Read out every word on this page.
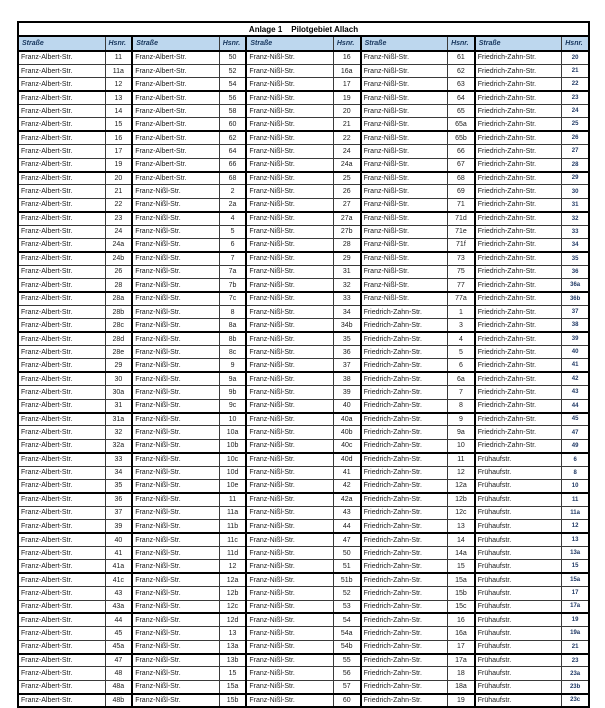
Anlage 1 Pilotgebiet Allach									
Straße	Hsnr.	Straße	Hsnr.	Straße	Hsnr.	Straße	Hsnr.	Straße	Hsnr.
Franz-Albert-Str.	11	Franz-Albert-Str.	50	Franz-Nißl-Str.	16	Franz-Nißl-Str.	61	Friedrich-Zahn-Str.	20
Franz-Albert-Str.	11a	Franz-Albert-Str.	52	Franz-Nißl-Str.	16a	Franz-Nißl-Str.	62	Friedrich-Zahn-Str.	21
Franz-Albert-Str.	12	Franz-Albert-Str.	54	Franz-Nißl-Str.	17	Franz-Nißl-Str.	63	Friedrich-Zahn-Str.	22
Franz-Albert-Str.	13	Franz-Albert-Str.	56	Franz-Nißl-Str.	19	Franz-Nißl-Str.	64	Friedrich-Zahn-Str.	23
Franz-Albert-Str.	14	Franz-Albert-Str.	58	Franz-Nißl-Str.	20	Franz-Nißl-Str.	65	Friedrich-Zahn-Str.	24
Franz-Albert-Str.	15	Franz-Albert-Str.	60	Franz-Nißl-Str.	21	Franz-Nißl-Str.	65a	Friedrich-Zahn-Str.	25
Franz-Albert-Str.	16	Franz-Albert-Str.	62	Franz-Nißl-Str.	22	Franz-Nißl-Str.	65b	Friedrich-Zahn-Str.	26
Franz-Albert-Str.	17	Franz-Albert-Str.	64	Franz-Nißl-Str.	24	Franz-Nißl-Str.	66	Friedrich-Zahn-Str.	27
Franz-Albert-Str.	19	Franz-Albert-Str.	66	Franz-Nißl-Str.	24a	Franz-Nißl-Str.	67	Friedrich-Zahn-Str.	28
Franz-Albert-Str.	20	Franz-Albert-Str.	68	Franz-Nißl-Str.	25	Franz-Nißl-Str.	68	Friedrich-Zahn-Str.	29
Franz-Albert-Str.	21	Franz-Nißl-Str.	2	Franz-Nißl-Str.	26	Franz-Nißl-Str.	69	Friedrich-Zahn-Str.	30
Franz-Albert-Str.	22	Franz-Nißl-Str.	2a	Franz-Nißl-Str.	27	Franz-Nißl-Str.	71	Friedrich-Zahn-Str.	31
Franz-Albert-Str.	23	Franz-Nißl-Str.	4	Franz-Nißl-Str.	27a	Franz-Nißl-Str.	71d	Friedrich-Zahn-Str.	32
Franz-Albert-Str.	24	Franz-Nißl-Str.	5	Franz-Nißl-Str.	27b	Franz-Nißl-Str.	71e	Friedrich-Zahn-Str.	33
Franz-Albert-Str.	24a	Franz-Nißl-Str.	6	Franz-Nißl-Str.	28	Franz-Nißl-Str.	71f	Friedrich-Zahn-Str.	34
Franz-Albert-Str.	24b	Franz-Nißl-Str.	7	Franz-Nißl-Str.	29	Franz-Nißl-Str.	73	Friedrich-Zahn-Str.	35
Franz-Albert-Str.	26	Franz-Nißl-Str.	7a	Franz-Nißl-Str.	31	Franz-Nißl-Str.	75	Friedrich-Zahn-Str.	36
Franz-Albert-Str.	28	Franz-Nißl-Str.	7b	Franz-Nißl-Str.	32	Franz-Nißl-Str.	77	Friedrich-Zahn-Str.	36a
Franz-Albert-Str.	28a	Franz-Nißl-Str.	7c	Franz-Nißl-Str.	33	Franz-Nißl-Str.	77a	Friedrich-Zahn-Str.	36b
Franz-Albert-Str.	28b	Franz-Nißl-Str.	8	Franz-Nißl-Str.	34	Friedrich-Zahn-Str.	1	Friedrich-Zahn-Str.	37
Franz-Albert-Str.	28c	Franz-Nißl-Str.	8a	Franz-Nißl-Str.	34b	Friedrich-Zahn-Str.	3	Friedrich-Zahn-Str.	38
Franz-Albert-Str.	28d	Franz-Nißl-Str.	8b	Franz-Nißl-Str.	35	Friedrich-Zahn-Str.	4	Friedrich-Zahn-Str.	39
Franz-Albert-Str.	28e	Franz-Nißl-Str.	8c	Franz-Nißl-Str.	36	Friedrich-Zahn-Str.	5	Friedrich-Zahn-Str.	40
Franz-Albert-Str.	29	Franz-Nißl-Str.	9	Franz-Nißl-Str.	37	Friedrich-Zahn-Str.	6	Friedrich-Zahn-Str.	41
Franz-Albert-Str.	30	Franz-Nißl-Str.	9a	Franz-Nißl-Str.	38	Friedrich-Zahn-Str.	6a	Friedrich-Zahn-Str.	42
Franz-Albert-Str.	30a	Franz-Nißl-Str.	9b	Franz-Nißl-Str.	39	Friedrich-Zahn-Str.	7	Friedrich-Zahn-Str.	43
Franz-Albert-Str.	31	Franz-Nißl-Str.	9c	Franz-Nißl-Str.	40	Friedrich-Zahn-Str.	8	Friedrich-Zahn-Str.	44
Franz-Albert-Str.	31a	Franz-Nißl-Str.	10	Franz-Nißl-Str.	40a	Friedrich-Zahn-Str.	9	Friedrich-Zahn-Str.	45
Franz-Albert-Str.	32	Franz-Nißl-Str.	10a	Franz-Nißl-Str.	40b	Friedrich-Zahn-Str.	9a	Friedrich-Zahn-Str.	47
Franz-Albert-Str.	32a	Franz-Nißl-Str.	10b	Franz-Nißl-Str.	40c	Friedrich-Zahn-Str.	10	Friedrich-Zahn-Str.	49
Franz-Albert-Str.	33	Franz-Nißl-Str.	10c	Franz-Nißl-Str.	40d	Friedrich-Zahn-Str.	11	Frühaufstr.	6
Franz-Albert-Str.	34	Franz-Nißl-Str.	10d	Franz-Nißl-Str.	41	Friedrich-Zahn-Str.	12	Frühaufstr.	8
Franz-Albert-Str.	35	Franz-Nißl-Str.	10e	Franz-Nißl-Str.	42	Friedrich-Zahn-Str.	12a	Frühaufstr.	10
Franz-Albert-Str.	36	Franz-Nißl-Str.	11	Franz-Nißl-Str.	42a	Friedrich-Zahn-Str.	12b	Frühaufstr.	11
Franz-Albert-Str.	37	Franz-Nißl-Str.	11a	Franz-Nißl-Str.	43	Friedrich-Zahn-Str.	12c	Frühaufstr.	11a
Franz-Albert-Str.	39	Franz-Nißl-Str.	11b	Franz-Nißl-Str.	44	Friedrich-Zahn-Str.	13	Frühaufstr.	12
Franz-Albert-Str.	40	Franz-Nißl-Str.	11c	Franz-Nißl-Str.	47	Friedrich-Zahn-Str.	14	Frühaufstr.	13
Franz-Albert-Str.	41	Franz-Nißl-Str.	11d	Franz-Nißl-Str.	50	Friedrich-Zahn-Str.	14a	Frühaufstr.	13a
Franz-Albert-Str.	41a	Franz-Nißl-Str.	12	Franz-Nißl-Str.	51	Friedrich-Zahn-Str.	15	Frühaufstr.	15
Franz-Albert-Str.	41c	Franz-Nißl-Str.	12a	Franz-Nißl-Str.	51b	Friedrich-Zahn-Str.	15a	Frühaufstr.	15a
Franz-Albert-Str.	43	Franz-Nißl-Str.	12b	Franz-Nißl-Str.	52	Friedrich-Zahn-Str.	15b	Frühaufstr.	17
Franz-Albert-Str.	43a	Franz-Nißl-Str.	12c	Franz-Nißl-Str.	53	Friedrich-Zahn-Str.	15c	Frühaufstr.	17a
Franz-Albert-Str.	44	Franz-Nißl-Str.	12d	Franz-Nißl-Str.	54	Friedrich-Zahn-Str.	16	Frühaufstr.	19
Franz-Albert-Str.	45	Franz-Nißl-Str.	13	Franz-Nißl-Str.	54a	Friedrich-Zahn-Str.	16a	Frühaufstr.	19a
Franz-Albert-Str.	45a	Franz-Nißl-Str.	13a	Franz-Nißl-Str.	54b	Friedrich-Zahn-Str.	17	Frühaufstr.	21
Franz-Albert-Str.	47	Franz-Nißl-Str.	13b	Franz-Nißl-Str.	55	Friedrich-Zahn-Str.	17a	Frühaufstr.	23
Franz-Albert-Str.	48	Franz-Nißl-Str.	15	Franz-Nißl-Str.	56	Friedrich-Zahn-Str.	18	Frühaufstr.	23a
Franz-Albert-Str.	48a	Franz-Nißl-Str.	15a	Franz-Nißl-Str.	57	Friedrich-Zahn-Str.	18a	Frühaufstr.	23b
Franz-Albert-Str.	48b	Franz-Nißl-Str.	15b	Franz-Nißl-Str.	60	Friedrich-Zahn-Str.	19	Frühaufstr.	23c
